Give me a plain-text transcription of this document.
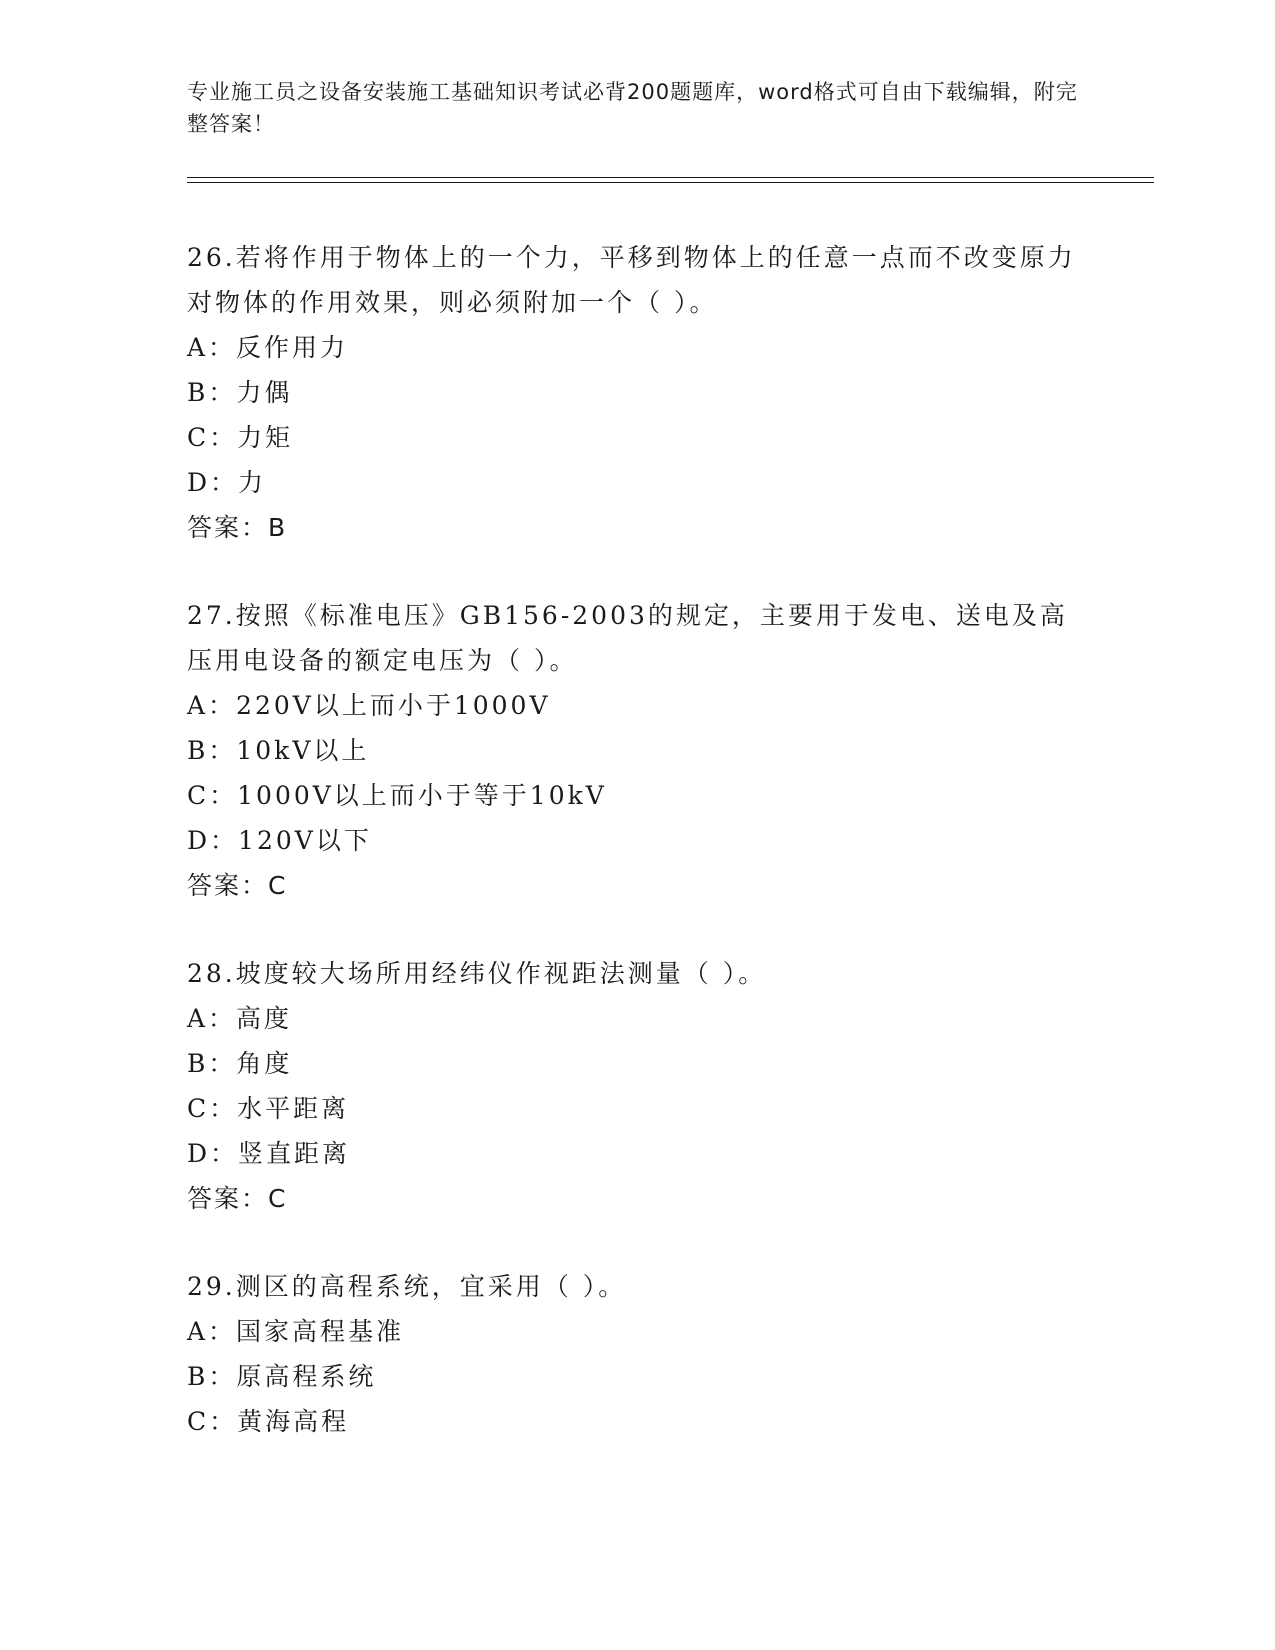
专业施工员之设备安装施工基础知识考试必背200题题库，word格式可自由下载编辑，附完整答案！
26.若将作用于物体上的一个力，平移到物体上的任意一点而不改变原力对物体的作用效果，则必须附加一个（ ）。
A：反作用力
B：力偶
C：力矩
D：力
答案：B
27.按照《标准电压》GB156-2003的规定，主要用于发电、送电及高压用电设备的额定电压为（ ）。
A：220V以上而小于1000V
B：10kV以上
C：1000V以上而小于等于10kV
D：120V以下
答案：C
28.坡度较大场所用经纬仪作视距法测量（ ）。
A：高度
B：角度
C：水平距离
D：竖直距离
答案：C
29.测区的高程系统，宜采用（ ）。
A：国家高程基准
B：原高程系统
C：黄海高程
